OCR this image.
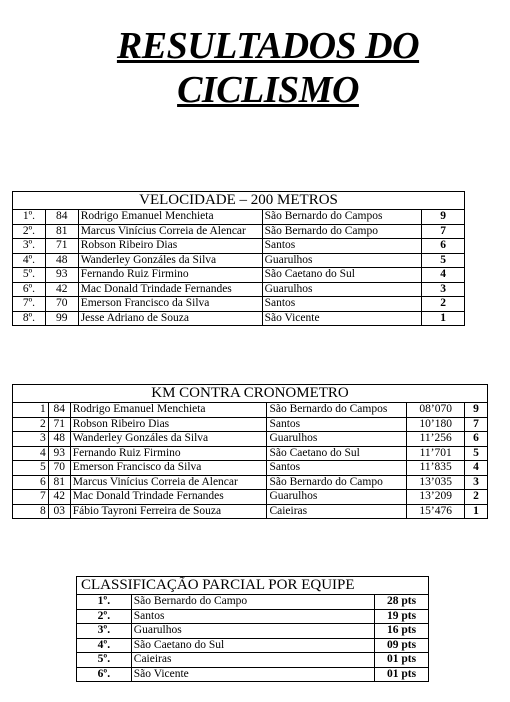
RESULTADOS DO
CICLISMO
VELOCIDADE – 200 METROS				
1º.	84	Rodrigo Emanuel Menchieta	São Bernardo do Campos	9
2º.	81	Marcus Vinícius Correia de Alencar	São Bernardo do Campo	7
3º.	71	Robson Ribeiro Dias	Santos	6
4º.	48	Wanderley Gonzáles da Silva	Guarulhos	5
5º.	93	Fernando Ruiz Firmino	São Caetano do Sul	4
6º.	42	Mac Donald Trindade Fernandes	Guarulhos	3
7º.	70	Emerson Francisco da Silva	Santos	2
8º.	99	Jesse Adriano de Souza	São Vicente	1
KM CONTRA CRONOMETRO					
1	84	Rodrigo Emanuel Menchieta	São Bernardo do Campos	08’070	9
2	71	Robson Ribeiro Dias	Santos	10’180	7
3	48	Wanderley Gonzáles da Silva	Guarulhos	11’256	6
4	93	Fernando Ruiz Firmino	São Caetano do Sul	11’701	5
5	70	Emerson Francisco da Silva	Santos	11’835	4
6	81	Marcus Vinícius Correia de Alencar	São Bernardo do Campo	13’035	3
7	42	Mac Donald Trindade Fernandes	Guarulhos	13’209	2
8	03	Fábio Tayroni Ferreira de Souza	Caieiras	15’476	1
CLASSIFICAÇÃO PARCIAL POR EQUIPE		
1º.	São Bernardo do Campo	28 pts
2º.	Santos	19 pts
3º.	Guarulhos	16 pts
4º.	São Caetano do Sul	09 pts
5º.	Caieiras	01 pts
6º.	São Vicente	01 pts
